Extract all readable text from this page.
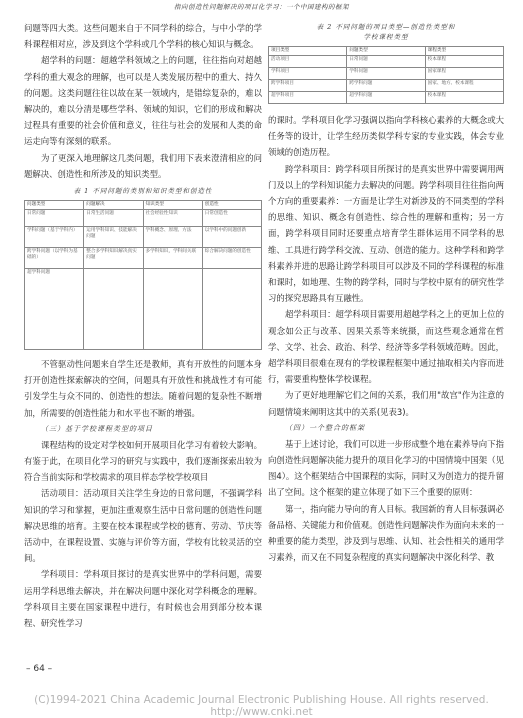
指向创造性问题解决的项目化学习：一个中国建构的框架

问题等四大类。这些问题来自于不同学科的综合，与中小学的学科课程相对应，涉及到这个学科或几个学科的核心知识与概念。

超学科的问题：超越学科领域之上的问题，往往指向对超越学科的重大观念的理解，也可以是人类发展历程中的重大、持久的问题。这类问题往往以故在某一领域内，是错综复杂的，难以解决的，难以分清是哪些学科、领域的知识，它们的形成和解决过程具有重要的社会价值和意义，往往与社会的发展和人类的命运走向等有深刻的联系。

为了更深入地理解这几类问题，我们用下表来澄清相应的问题解决、创造性和所涉及的知识类型。

表 1 不同问题的类别和知识类型和创造性
问题类型	问题解决	知识类型	创造性
日常问题	日常生活问题	社会经验性知识	日常创造性
学科问题（基于学科内）	运用学科知识、技能解决问题	学科概念、原理、方法	以学科中的问题创新
跨学科问题（以学科为基础的）	整合多学科知识解决真实问题	多学科知识，学科间关联	综合解决问题的创造性
超学科问题			

不管驱动性问题来自学生还是教师，真有开放性的问题本身打开创造性探索解决的空间，问题具有开放性和挑战性才有可能引发学生与众不同的、创造性的想法。随着问题的复杂性不断增加，所需要的创造性能力和水平也不断的增强。

（三）基于学校课程类型的项目

课程结构的设定对学校如何开展项目化学习有着较大影响。有鉴于此，在项目化学习的研究与实践中，我们逐渐探索出较为符合当前实际和学校需求的项目样态学校学校项目

活动项目：活动项目关注学生身边的日常问题，不强调学科知识的学习和掌握，更加注重观察生活中日常问题的创造性问题解决思维的培育。主要在校本课程或学校的德育、劳动、节庆等活动中，在课程设置、实施与评价等方面，学校有比较灵活的空间。

学科项目：学科项目探讨的是真实世界中的学科问题，需要运用学科思维去解决，并在解决问题中深化对学科概念的理解。学科项目主要在国家课程中进行，有时候也会用到部分校本课程、研究性学习

表 2 不同问题的项目类型—创造性类型和
学校课程类型
项目类型	问题类型	课程类型
活动项目	日常问题	校本课程
学科项目	学科问题	国家课程
跨学科项目	跨学科问题	国家、地方、校本课程
超学科项目	超学科问题	校本课程

的课时。学科项目化学习强调以指向学科核心素养的大概念或大任务等的设计，让学生经历类似学科专家的专业实践，体会专业领域的创造历程。

跨学科项目：跨学科项目所探讨的是真实世界中需要调用两门及以上的学科知识能力去解决的问题。跨学科项目往往指向两个方向的重要素养：一方面是让学生对新涉及的不同类型的学科的思维、知识、概念有创造性、综合性的理解和重构；另一方面，跨学科项目同时还要重点培育学生群体运用不同学科的思维、工具进行跨学科交流、互动、创造的能力。这种学科和跨学科素养并进的思路让跨学科项目可以涉及不同的学科课程的标准和课时，如地理、生物的跨学科，同时与学校中原有的研究性学习的探究思路具有互融性。

超学科项目：超学科项目需要用超越学科之上的更加上位的观念如公正与改革、因果关系等来统摄，而这些观念通常在哲学、文学、社会、政治、科学、经济等多学科领域范畴。因此，超学科项目很难在现有的学校课程框架中通过抽取相关内容而进行，需要重构整体学校课程。

为了更好地理解它们之间的关系，我们用"故宫"作为注意的问题情境来阐明这其中的关系(见表3)。

（四）一个整合的框架

基于上述讨论，我们可以进一步形成整个地在素养导向下指向创造性问题解决能力提升的项目化学习的中国情境中国架（见图4）。这个框架结合中国课程的实际，同时又为创造力的提升留出了空间。这个框架的建立体现了如下三个重要的原则：

第一，指向能力导向的育人目标。我国新的育人目标强调必备品格、关键能力和价值观。创造性问题解决作为面向未来的一种重要的能力类型，涉及到与思维、认知、社会性相关的通用学习素养，而又在不同复杂程度的真实问题解决中深化科学、教

– 64 –
(C)1994-2021 China Academic Journal Electronic Publishing House. All rights reserved. http://www.cnki.net
